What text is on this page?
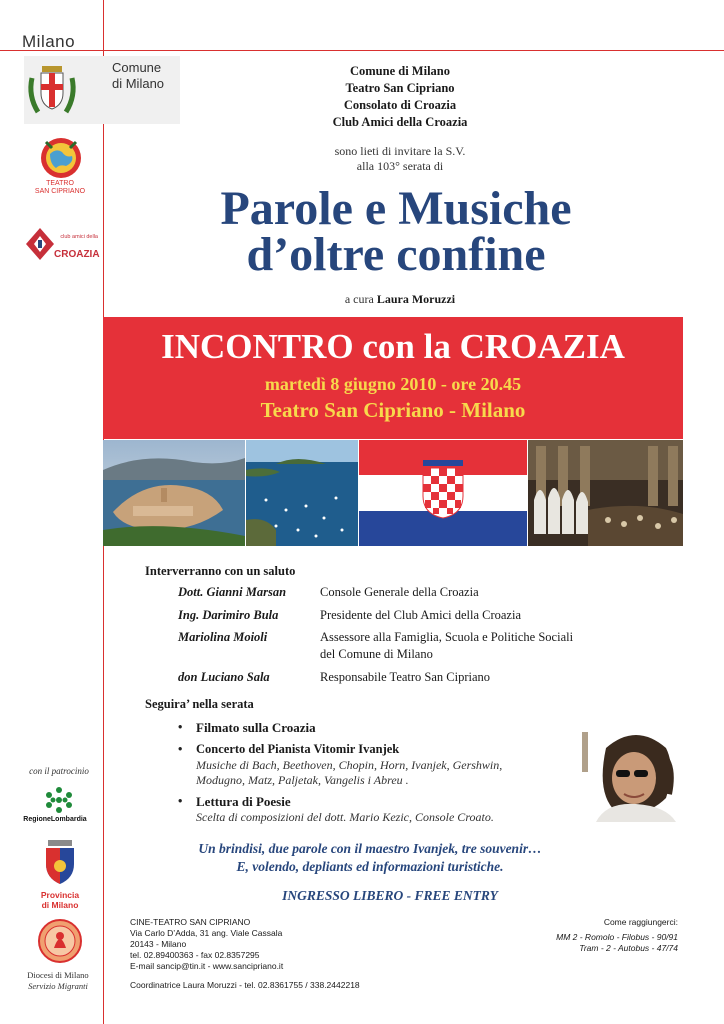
Milano
Comune
di Milano
TEATRO
SAN CIPRIANO
club amici della
CROAZIA
Comune di Milano
Teatro San Cipriano
Consolato di Croazia
Club Amici della Croazia
sono lieti di invitare la S.V.
alla 103° serata di
Parole e Musiche
d’oltre confine
a cura Laura Moruzzi
INCONTRO con la CROAZIA
martedì 8 giugno 2010 - ore 20.45
Teatro San Cipriano - Milano
Interverranno con un saluto
Dott. Gianni Marsan	Console Generale della Croazia
Ing. Darimiro Bula	Presidente del Club Amici della Croazia
Mariolina Moioli	Assessore alla Famiglia, Scuola e Politiche Sociali
del Comune di Milano
don Luciano Sala	Responsabile Teatro San Cipriano
Seguira’ nella serata
• Filmato sulla Croazia
• Concerto del Pianista Vitomir Ivanjek
Musiche di Bach, Beethoven, Chopin, Horn, Ivanjek, Gershwin,
Modugno, Matz, Paljetak, Vangelis i Abreu .
• Lettura di Poesie
Scelta di composizioni del dott. Mario Kezic, Console Croato.
Un brindisi, due parole con il maestro Ivanjek, tre souvenir…
E, volendo, depliants ed informazioni turistiche.
INGRESSO LIBERO - FREE ENTRY
con il patrocinio
RegioneLombardia
Provincia
di Milano
Diocesi di Milano
Servizio Migranti
CINE-TEATRO SAN CIPRIANO
Via Carlo D’Adda, 31 ang. Viale Cassala
20143 - Milano
tel. 02.89400363 - fax 02.8357295
E-mail sancip@tin.it - www.sancipriano.it
Coordinatrice Laura Moruzzi - tel. 02.8361755 / 338.2442218
Come raggiungerci:
MM 2 - Romolo - Filobus - 90/91
Tram - 2 - Autobus - 47/74
